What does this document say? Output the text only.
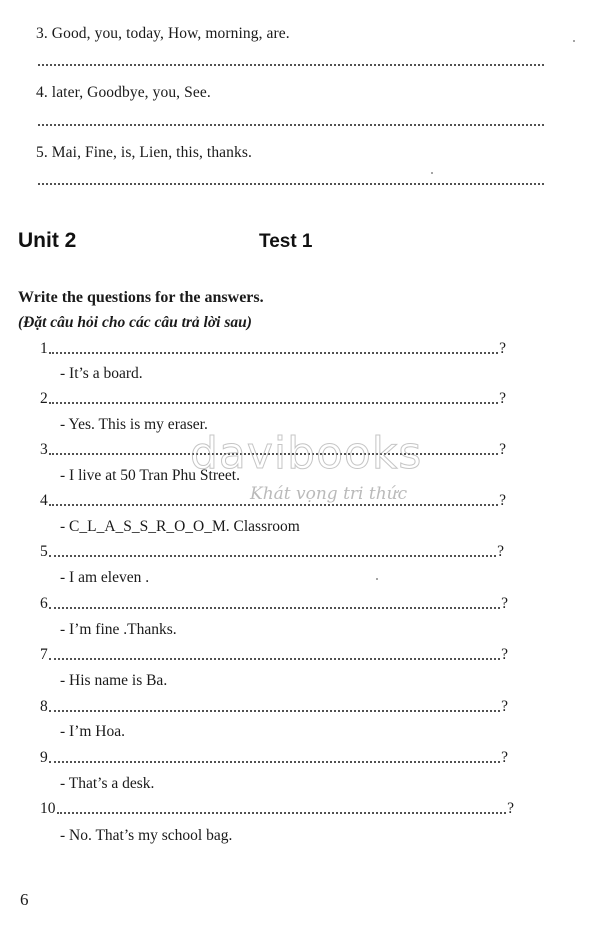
3. Good, you, today, How, morning, are.
4. later, Goodbye, you, See.
5. Mai, Fine, is, Lien, this, thanks.
Unit 2	Test 1
Write the questions for the answers.
(Đặt câu hỏi cho các câu trả lời sau)
1	?
- It’s a board.
2	?
- Yes. This is my eraser.
3	?
- I live at 50 Tran Phu Street.
4	?
- C_L_A_S_S_R_O_O_M. Classroom
5	?
- I am eleven .
6	?
- I’m fine .Thanks.
7	?
- His name is Ba.
8	?
- I’m Hoa.
9	?
- That’s a desk.
10	?
- No. That’s my school bag.
6
davibooks
Khát vọng tri thức
